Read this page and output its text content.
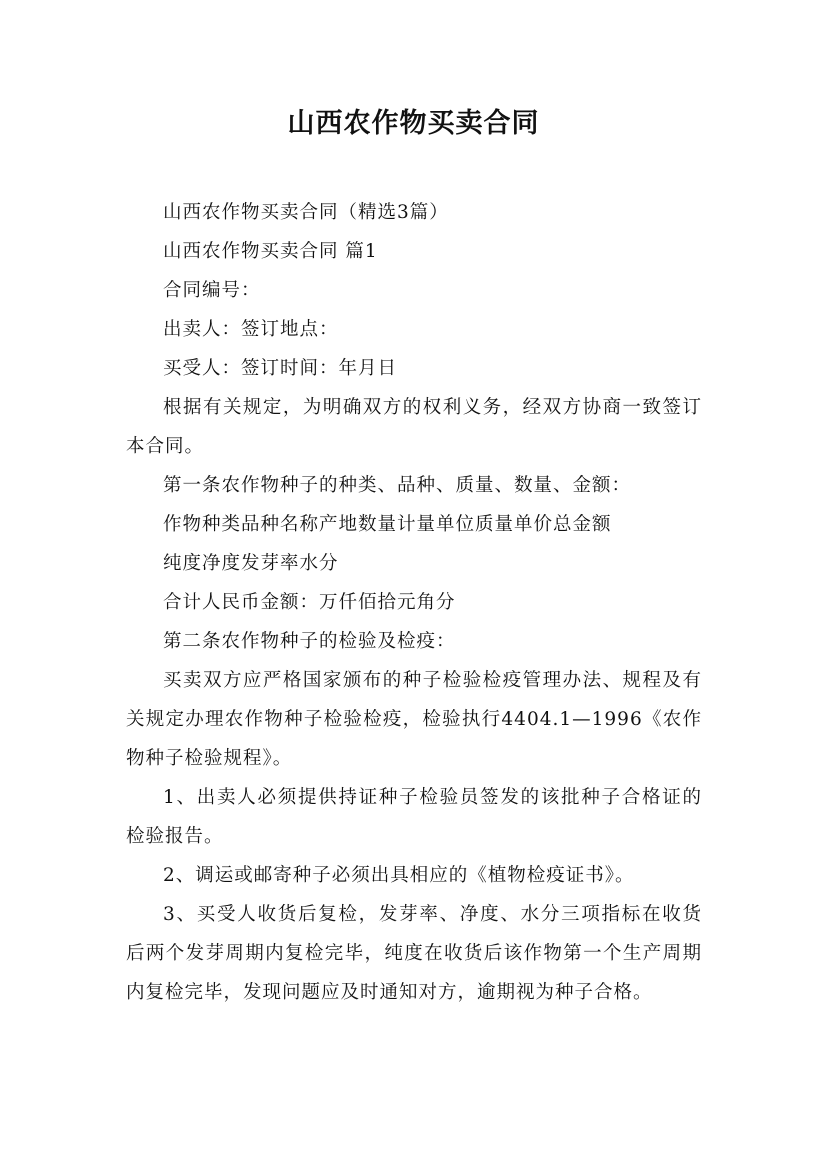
山西农作物买卖合同

山西农作物买卖合同（精选3篇）

山西农作物买卖合同 篇1

合同编号：

出卖人：签订地点：

买受人：签订时间：年月日

根据有关规定，为明确双方的权利义务，经双方协商一致签订本合同。

第一条农作物种子的种类、品种、质量、数量、金额：

作物种类品种名称产地数量计量单位质量单价总金额

纯度净度发芽率水分

合计人民币金额：万仟佰拾元角分

第二条农作物种子的检验及检疫：

买卖双方应严格国家颁布的种子检验检疫管理办法、规程及有关规定办理农作物种子检验检疫，检验执行4404.1—1996《农作物种子检验规程》。

1、出卖人必须提供持证种子检验员签发的该批种子合格证的检验报告。

2、调运或邮寄种子必须出具相应的《植物检疫证书》。

3、买受人收货后复检，发芽率、净度、水分三项指标在收货后两个发芽周期内复检完毕，纯度在收货后该作物第一个生产周期内复检完毕，发现问题应及时通知对方，逾期视为种子合格。
